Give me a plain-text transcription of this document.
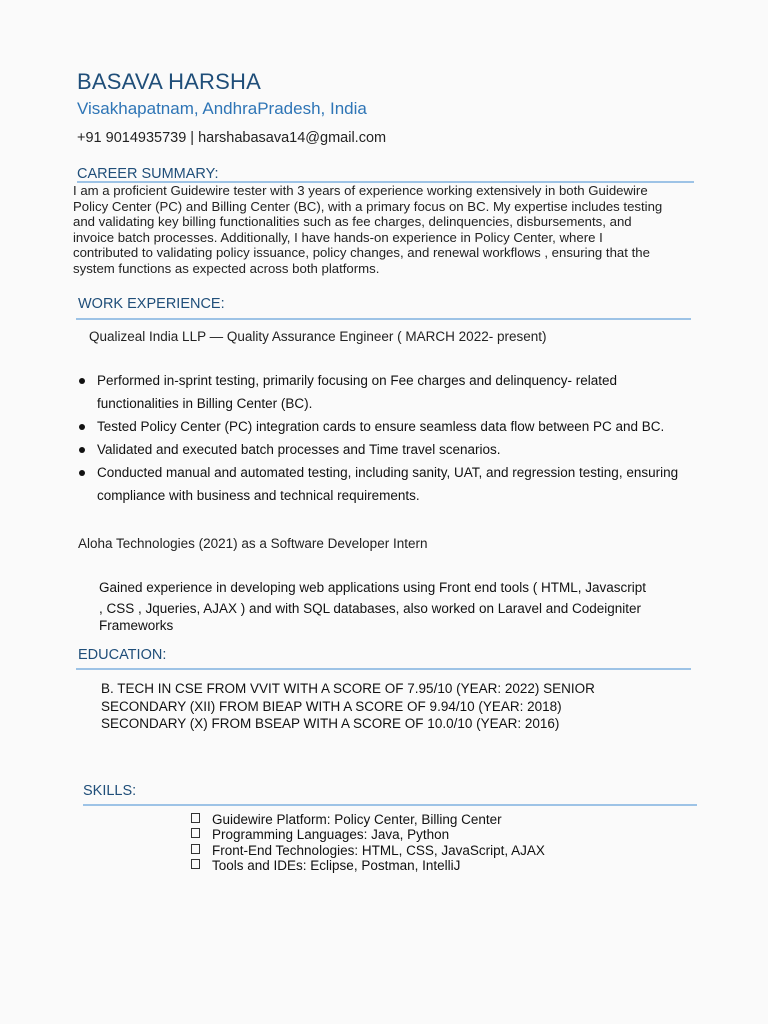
BASAVA HARSHA
Visakhapatnam, AndhraPradesh, India
+91 9014935739 | harshabasava14@gmail.com
CAREER SUMMARY:
I am a proficient Guidewire tester with 3 years of experience working extensively in both Guidewire
Policy Center (PC) and Billing Center (BC), with a primary focus on BC. My expertise includes testing
and validating key billing functionalities such as fee charges, delinquencies, disbursements, and
invoice batch processes. Additionally, I have hands-on experience in Policy Center, where I
contributed to validating policy issuance, policy changes, and renewal workflows , ensuring that the
system functions as expected across both platforms.
WORK EXPERIENCE:
Qualizeal India LLP — Quality Assurance Engineer ( MARCH 2022- present)
Performed in-sprint testing, primarily focusing on Fee charges and delinquency- related functionalities in Billing Center (BC).
Tested Policy Center (PC) integration cards to ensure seamless data flow between PC and BC.
Validated and executed batch processes and Time travel scenarios.
Conducted manual and automated testing, including sanity, UAT, and regression testing, ensuring compliance with business and technical requirements.
Aloha Technologies (2021) as a Software Developer Intern
Gained experience in developing web applications using Front end tools ( HTML, Javascript
, CSS , Jqueries, AJAX ) and with SQL databases, also worked on Laravel and Codeigniter
Frameworks
EDUCATION:
B. TECH IN CSE FROM VVIT WITH A SCORE OF 7.95/10 (YEAR: 2022) SENIOR
SECONDARY (XII) FROM BIEAP WITH A SCORE OF 9.94/10 (YEAR: 2018)
SECONDARY (X) FROM BSEAP WITH A SCORE OF 10.0/10 (YEAR: 2016)
SKILLS:
Guidewire Platform: Policy Center, Billing Center
Programming Languages: Java, Python
Front-End Technologies: HTML, CSS, JavaScript, AJAX
Tools and IDEs: Eclipse, Postman, IntelliJ
